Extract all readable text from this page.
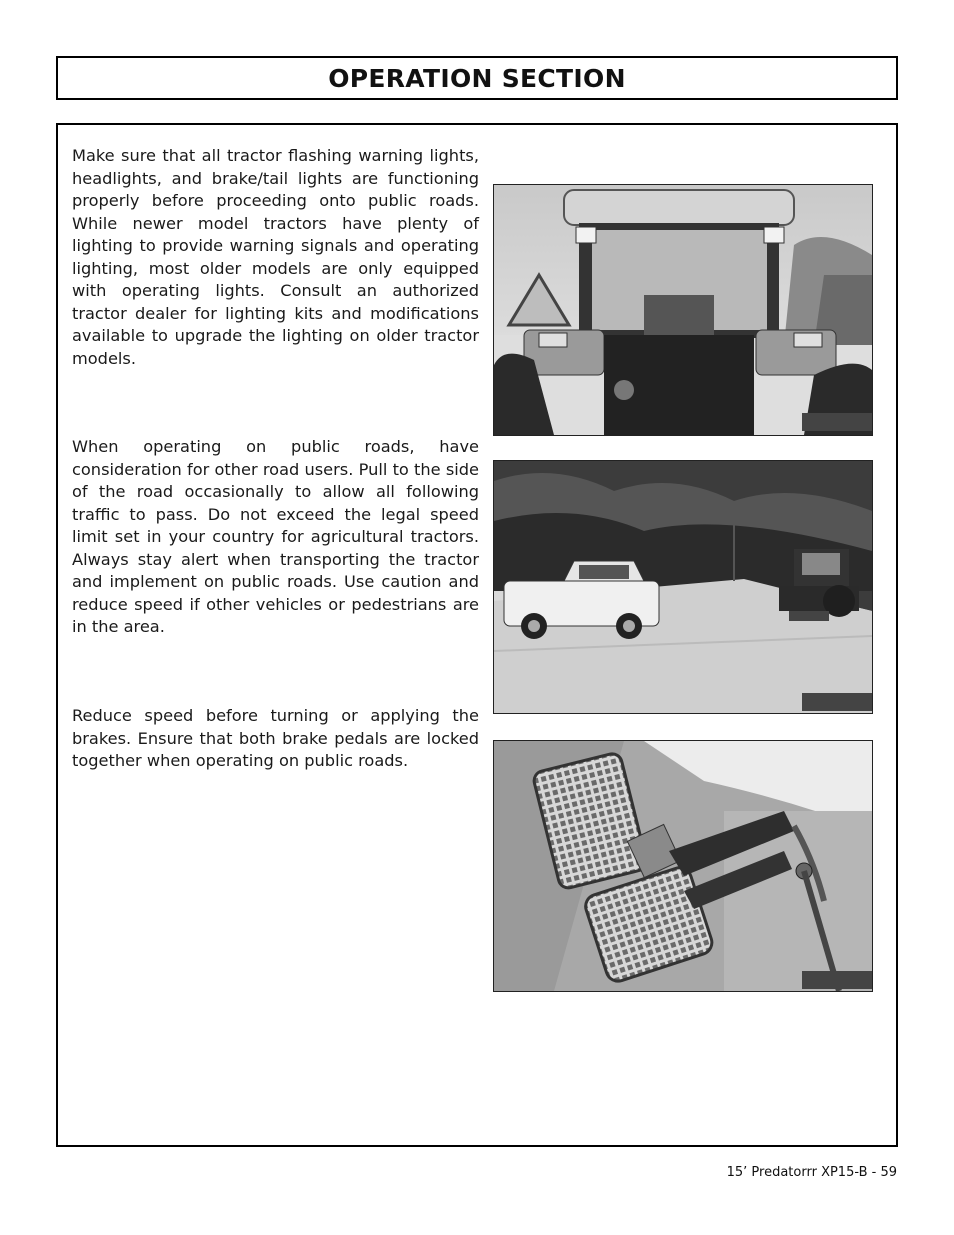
OPERATION SECTION

Make sure that all tractor flashing warning lights, headlights, and brake/tail lights are functioning properly before proceeding onto public roads. While newer model tractors have plenty of lighting to provide warning signals and operating lighting, most older models are only equipped with operating lights. Consult an authorized tractor dealer for lighting kits and modifications available to upgrade the lighting on older tractor models.

When operating on public roads, have consideration for other road users. Pull to the side of the road occasionally to allow all following traffic to pass. Do not exceed the legal speed limit set in your country for agricultural tractors. Always stay alert when transporting the tractor and implement on public roads. Use caution and reduce speed if other vehicles or pedestrians are in the area.

Reduce speed before turning or applying the brakes. Ensure that both brake pedals are locked together when operating on public roads.

15’ Predatorrr XP15-B - 59
